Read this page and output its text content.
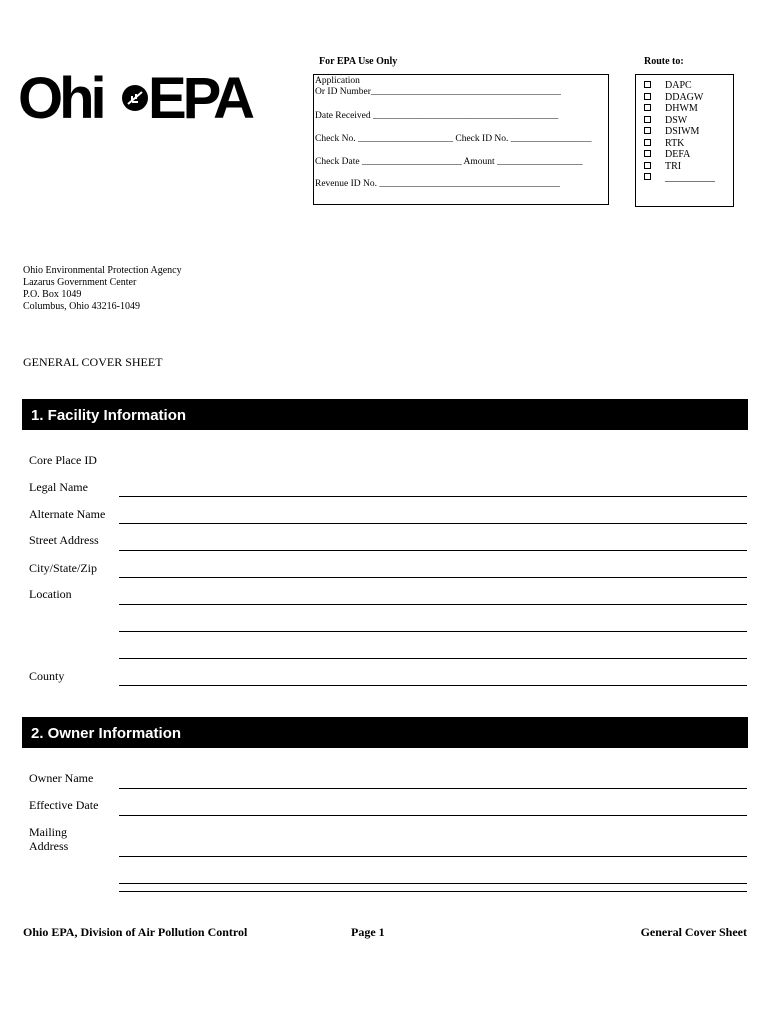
Ohi EPA
For EPA Use Only
Application
Or ID Number________________________________________
Date Received _______________________________________
Check No. ____________________ Check ID No. _________________
Check Date _____________________ Amount __________________
Revenue ID No. ______________________________________
Route to:
DAPC
DDAGW
DHWM
DSW
DSIWM
RTK
DEFA
TRI
__________
Ohio Environmental Protection Agency
Lazarus Government Center
P.O. Box 1049
Columbus, Ohio 43216-1049
GENERAL COVER SHEET
1. Facility Information
Core Place ID
Legal Name
Alternate Name
Street Address
City/State/Zip
Location
County
2. Owner Information
Owner Name
Effective Date
Mailing
Address
Ohio EPA, Division of Air Pollution Control	Page 1	General Cover Sheet
